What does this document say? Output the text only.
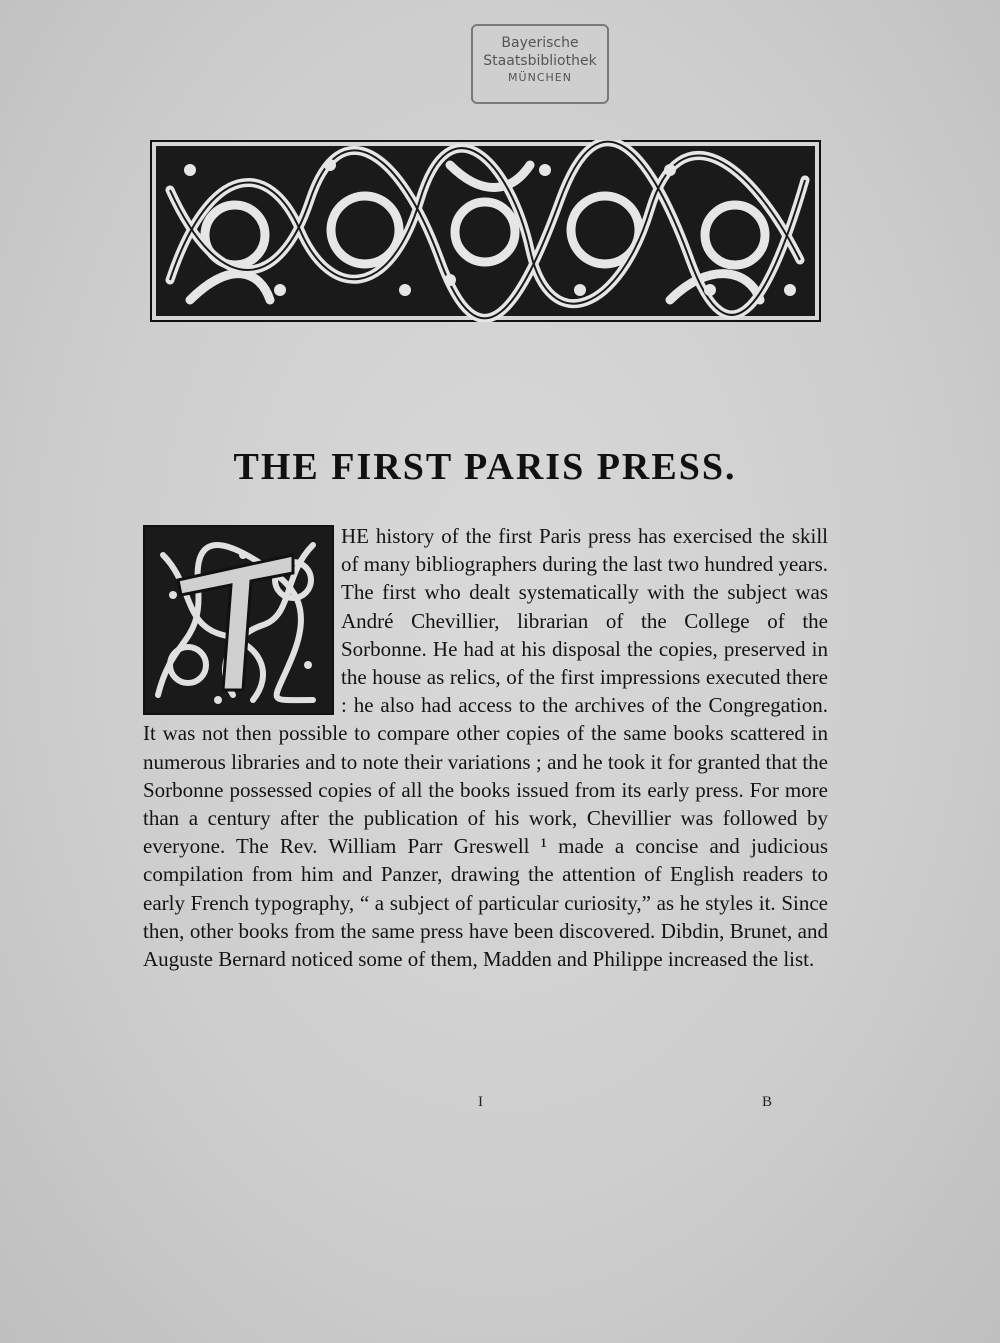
Bayerische
Staatsbibliothek
MÜNCHEN
THE FIRST PARIS PRESS.

HE history of the first Paris press has exercised the skill of many bibliographers during the last two hundred years. The first who dealt systematically with the subject was André Chevillier, librarian of the College of the Sorbonne. He had at his disposal the copies, preserved in the house as relics, of the first impressions executed there : he also had access to the archives of the Congregation. It was not then possible to compare other copies of the same books scattered in numerous libraries and to note their variations ; and he took it for granted that the Sorbonne possessed copies of all the books issued from its early press. For more than a century after the publication of his work, Chevillier was followed by everyone. The Rev. William Parr Greswell ¹ made a concise and judicious compilation from him and Panzer, drawing the attention of English readers to early French typography, “ a subject of particular curiosity,” as he styles it. Since then, other books from the same press have been discovered. Dibdin, Brunet, and Auguste Bernard noticed some of them, Madden and Philippe increased the list.

I	B
